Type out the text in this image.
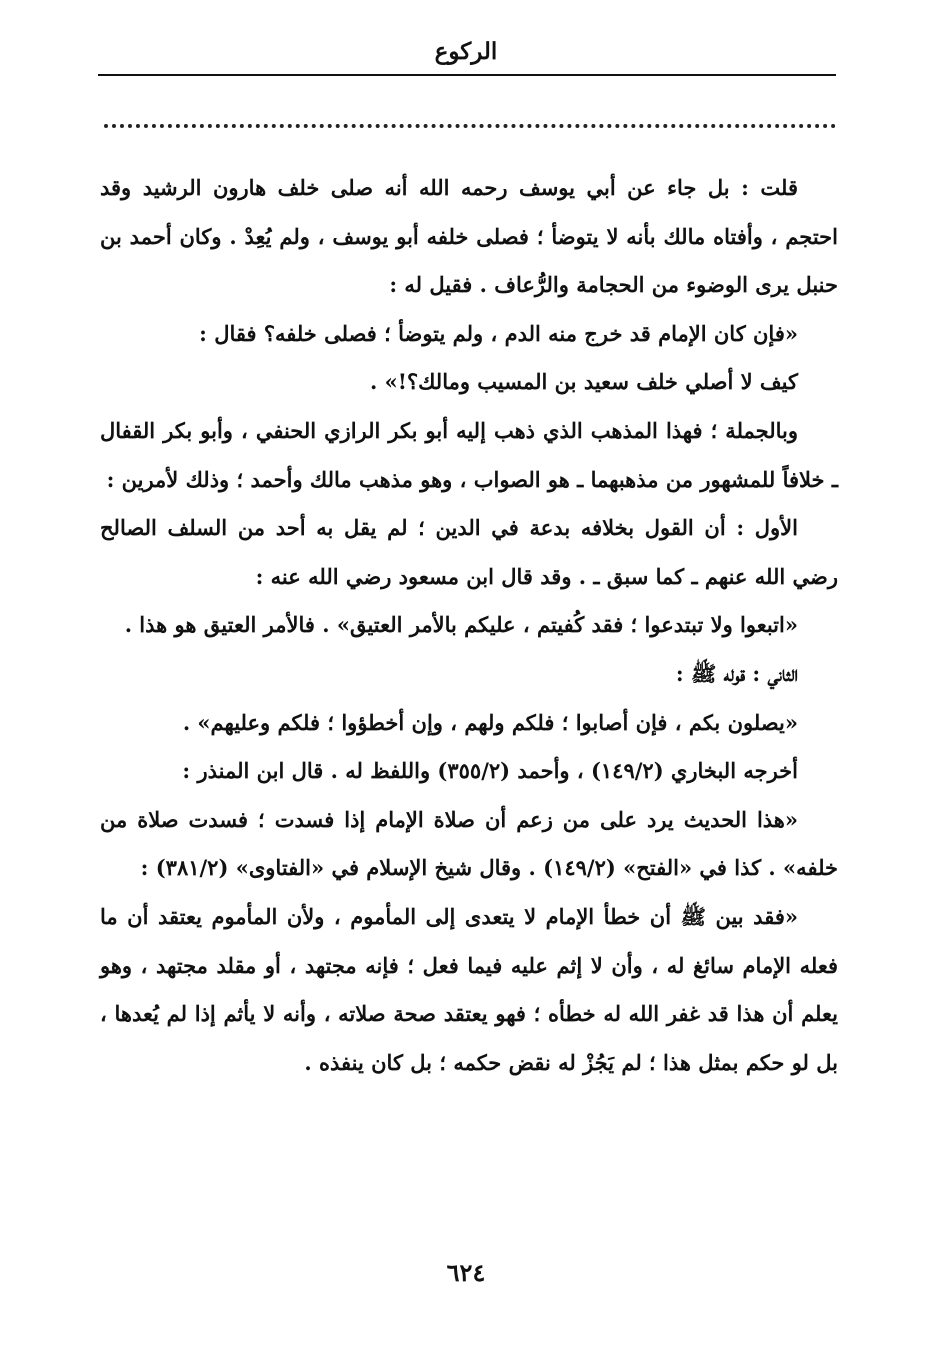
الركوع

قلت : بل جاء عن أبي يوسف رحمه الله أنه صلى خلف هارون الرشيد وقد احتجم ، وأفتاه مالك بأنه لا يتوضأ ؛ فصلى خلفه أبو يوسف ، ولم يُعِدْ . وكان أحمد بن حنبل يرى الوضوء من الحجامة والرُّعاف . فقيل له :

«فإن كان الإمام قد خرج منه الدم ، ولم يتوضأ ؛ فصلى خلفه؟ فقال :

كيف لا أصلي خلف سعيد بن المسيب ومالك؟!» .

وبالجملة ؛ فهذا المذهب الذي ذهب إليه أبو بكر الرازي الحنفي ، وأبو بكر القفال ـ خلافاً للمشهور من مذهبهما ـ هو الصواب ، وهو مذهب مالك وأحمد ؛ وذلك لأمرين :

الأول : أن القول بخلافه بدعة في الدين ؛ لم يقل به أحد من السلف الصالح رضي الله عنهم ـ كما سبق ـ . وقد قال ابن مسعود رضي الله عنه :

«اتبعوا ولا تبتدعوا ؛ فقد كُفيتم ، عليكم بالأمر العتيق» . فالأمر العتيق هو هذا .

الثاني : قوله ﷺ :

«يصلون بكم ، فإن أصابوا ؛ فلكم ولهم ، وإن أخطؤوا ؛ فلكم وعليهم» .

أخرجه البخاري (١٤٩/٢) ، وأحمد (٣٥٥/٢) واللفظ له . قال ابن المنذر :

«هذا الحديث يرد على من زعم أن صلاة الإمام إذا فسدت ؛ فسدت صلاة من خلفه» . كذا في «الفتح» (١٤٩/٢) . وقال شيخ الإسلام في «الفتاوى» (٣٨١/٢) :

«فقد بين ﷺ أن خطأ الإمام لا يتعدى إلى المأموم ، ولأن المأموم يعتقد أن ما فعله الإمام سائغ له ، وأن لا إثم عليه فيما فعل ؛ فإنه مجتهد ، أو مقلد مجتهد ، وهو يعلم أن هذا قد غفر الله له خطأه ؛ فهو يعتقد صحة صلاته ، وأنه لا يأثم إذا لم يُعدها ، بل لو حكم بمثل هذا ؛ لم يَجُزْ له نقض حكمه ؛ بل كان ينفذه .

٦٢٤
